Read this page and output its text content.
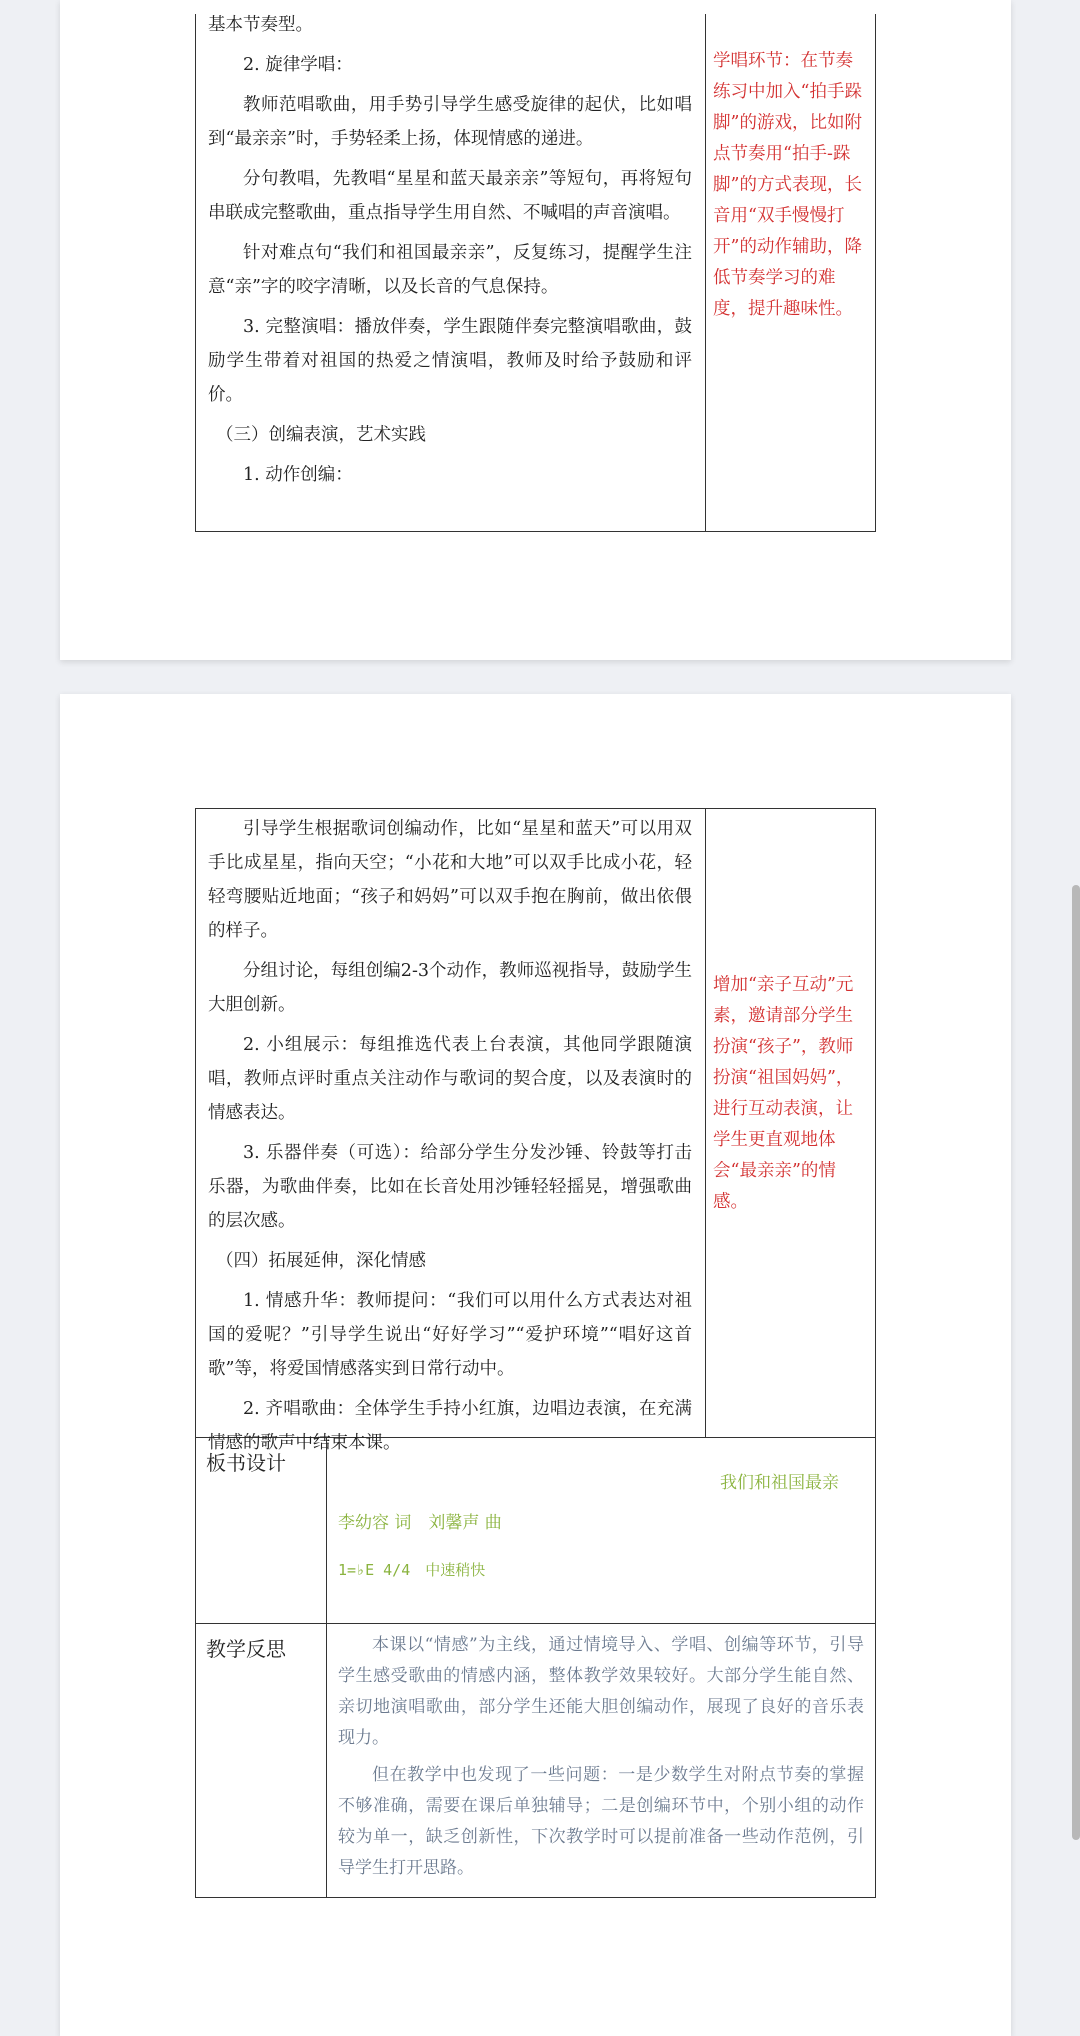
基本节奏型。

2. 旋律学唱：

教师范唱歌曲，用手势引导学生感受旋律的起伏，比如唱到“最亲亲”时，手势轻柔上扬，体现情感的递进。

分句教唱，先教唱“星星和蓝天最亲亲”等短句，再将短句串联成完整歌曲，重点指导学生用自然、不喊唱的声音演唱。

针对难点句“我们和祖国最亲亲”，反复练习，提醒学生注意“亲”字的咬字清晰，以及长音的气息保持。

3. 完整演唱：播放伴奏，学生跟随伴奏完整演唱歌曲，鼓励学生带着对祖国的热爱之情演唱，教师及时给予鼓励和评价。

（三）创编表演，艺术实践

1. 动作创编：

学唱环节：在节奏练习中加入“拍手跺脚”的游戏，比如附点节奏用“拍手-跺脚”的方式表现，长音用“双手慢慢打开”的动作辅助，降低节奏学习的难度，提升趣味性。

引导学生根据歌词创编动作，比如“星星和蓝天”可以用双手比成星星，指向天空；“小花和大地”可以双手比成小花，轻轻弯腰贴近地面；“孩子和妈妈”可以双手抱在胸前，做出依偎的样子。

分组讨论，每组创编2-3个动作，教师巡视指导，鼓励学生大胆创新。

2. 小组展示：每组推选代表上台表演，其他同学跟随演唱，教师点评时重点关注动作与歌词的契合度，以及表演时的情感表达。

3. 乐器伴奏（可选）：给部分学生分发沙锤、铃鼓等打击乐器，为歌曲伴奏，比如在长音处用沙锤轻轻摇晃，增强歌曲的层次感。

（四）拓展延伸，深化情感

1. 情感升华：教师提问：“我们可以用什么方式表达对祖国的爱呢？”引导学生说出“好好学习”“爱护环境”“唱好这首歌”等，将爱国情感落实到日常行动中。

2. 齐唱歌曲：全体学生手持小红旗，边唱边表演，在充满情感的歌声中结束本课。

增加“亲子互动”元素，邀请部分学生扮演“孩子”，教师扮演“祖国妈妈”，进行互动表演，让学生更直观地体会“最亲亲”的情感。
板书设计
我们和祖国最亲
李幼容 词　刘馨声 曲
1=♭E 4/4　中速稍快
教学反思	本课以“情感”为主线，通过情境导入、学唱、创编等环节，引导学生感受歌曲的情感内涵，整体教学效果较好。大部分学生能自然、亲切地演唱歌曲，部分学生还能大胆创编动作，展现了良好的音乐表现力。

但在教学中也发现了一些问题：一是少数学生对附点节奏的掌握不够准确，需要在课后单独辅导；二是创编环节中，个别小组的动作较为单一，缺乏创新性，下次教学时可以提前准备一些动作范例，引导学生打开思路。
